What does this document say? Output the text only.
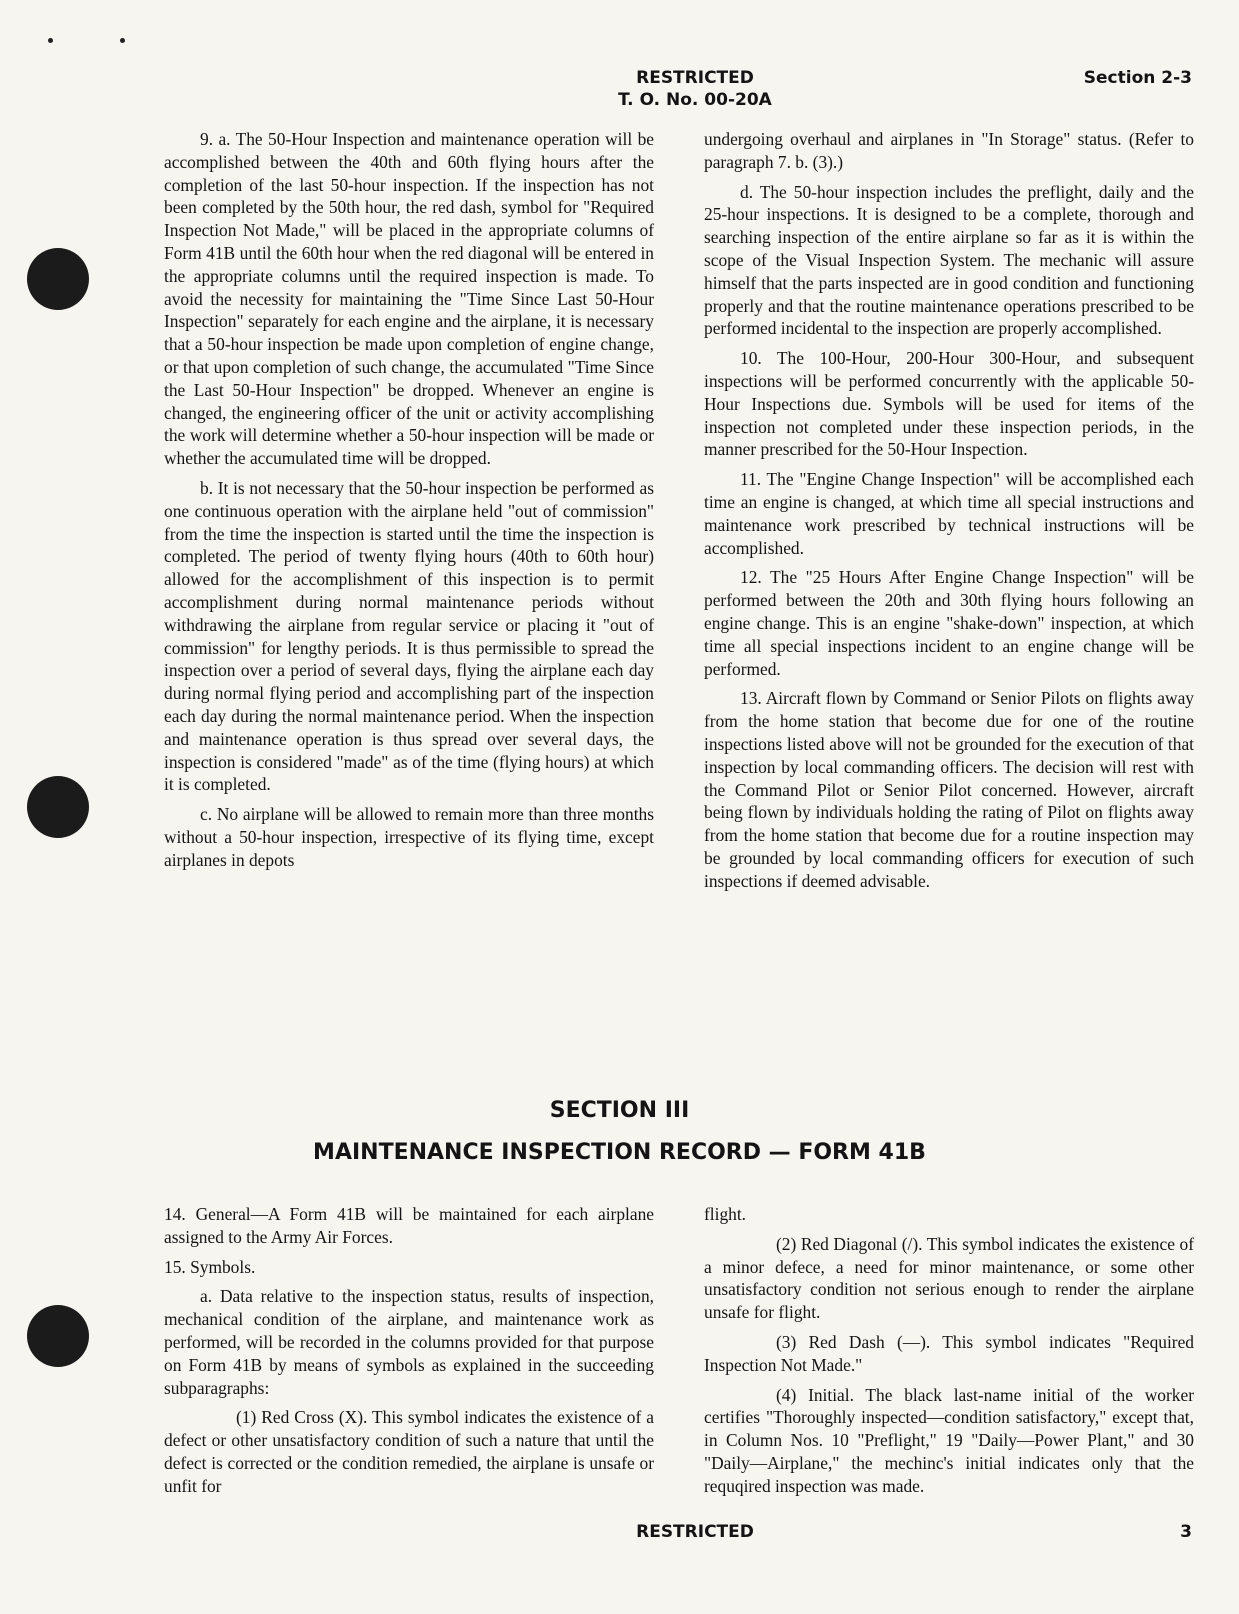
RESTRICTED
T. O. No. 00-20A
Section 2-3

9. a. The 50-Hour Inspection and maintenance operation will be accomplished between the 40th and 60th flying hours after the completion of the last 50-hour inspection. If the inspection has not been completed by the 50th hour, the red dash, symbol for "Required Inspection Not Made," will be placed in the appropriate columns of Form 41B until the 60th hour when the red diagonal will be entered in the appropriate columns until the required inspection is made. To avoid the necessity for maintaining the "Time Since Last 50-Hour Inspection" separately for each engine and the airplane, it is necessary that a 50-hour inspection be made upon completion of engine change, or that upon completion of such change, the accumulated "Time Since the Last 50-Hour Inspection" be dropped. Whenever an engine is changed, the engineering officer of the unit or activity accomplishing the work will determine whether a 50-hour inspection will be made or whether the accumulated time will be dropped.

b. It is not necessary that the 50-hour inspection be performed as one continuous operation with the airplane held "out of commission" from the time the inspection is started until the time the inspection is completed. The period of twenty flying hours (40th to 60th hour) allowed for the accomplishment of this inspection is to permit accomplishment during normal maintenance periods without withdrawing the airplane from regular service or placing it "out of commission" for lengthy periods. It is thus permissible to spread the inspection over a period of several days, flying the airplane each day during normal flying period and accomplishing part of the inspection each day during the normal maintenance period. When the inspection and maintenance operation is thus spread over several days, the inspection is considered "made" as of the time (flying hours) at which it is completed.

c. No airplane will be allowed to remain more than three months without a 50-hour inspection, irrespective of its flying time, except airplanes in depots

undergoing overhaul and airplanes in "In Storage" status. (Refer to paragraph 7. b. (3).)

d. The 50-hour inspection includes the preflight, daily and the 25-hour inspections. It is designed to be a complete, thorough and searching inspection of the entire airplane so far as it is within the scope of the Visual Inspection System. The mechanic will assure himself that the parts inspected are in good condition and functioning properly and that the routine maintenance operations prescribed to be performed incidental to the inspection are properly accomplished.

10. The 100-Hour, 200-Hour 300-Hour, and subsequent inspections will be performed concurrently with the applicable 50-Hour Inspections due. Symbols will be used for items of the inspection not completed under these inspection periods, in the manner prescribed for the 50-Hour Inspection.

11. The "Engine Change Inspection" will be accomplished each time an engine is changed, at which time all special instructions and maintenance work prescribed by technical instructions will be accomplished.

12. The "25 Hours After Engine Change Inspection" will be performed between the 20th and 30th flying hours following an engine change. This is an engine "shake-down" inspection, at which time all special inspections incident to an engine change will be performed.

13. Aircraft flown by Command or Senior Pilots on flights away from the home station that become due for one of the routine inspections listed above will not be grounded for the execution of that inspection by local commanding officers. The decision will rest with the Command Pilot or Senior Pilot concerned. However, aircraft being flown by individuals holding the rating of Pilot on flights away from the home station that become due for a routine inspection may be grounded by local commanding officers for execution of such inspections if deemed advisable.

SECTION III
MAINTENANCE INSPECTION RECORD — FORM 41B

14. General—A Form 41B will be maintained for each airplane assigned to the Army Air Forces.

15. Symbols.

a. Data relative to the inspection status, results of inspection, mechanical condition of the airplane, and maintenance work as performed, will be recorded in the columns provided for that purpose on Form 41B by means of symbols as explained in the succeeding subparagraphs:

(1) Red Cross (X). This symbol indicates the existence of a defect or other unsatisfactory condition of such a nature that until the defect is corrected or the condition remedied, the airplane is unsafe or unfit for

flight.

(2) Red Diagonal (/). This symbol indicates the existence of a minor defece, a need for minor maintenance, or some other unsatisfactory condition not serious enough to render the airplane unsafe for flight.

(3) Red Dash (—). This symbol indicates "Required Inspection Not Made."

(4) Initial. The black last-name initial of the worker certifies "Thoroughly inspected—condition satisfactory," except that, in Column Nos. 10 "Preflight," 19 "Daily—Power Plant," and 30 "Daily—Airplane," the mechinc's initial indicates only that the requqired inspection was made.

RESTRICTED	3
